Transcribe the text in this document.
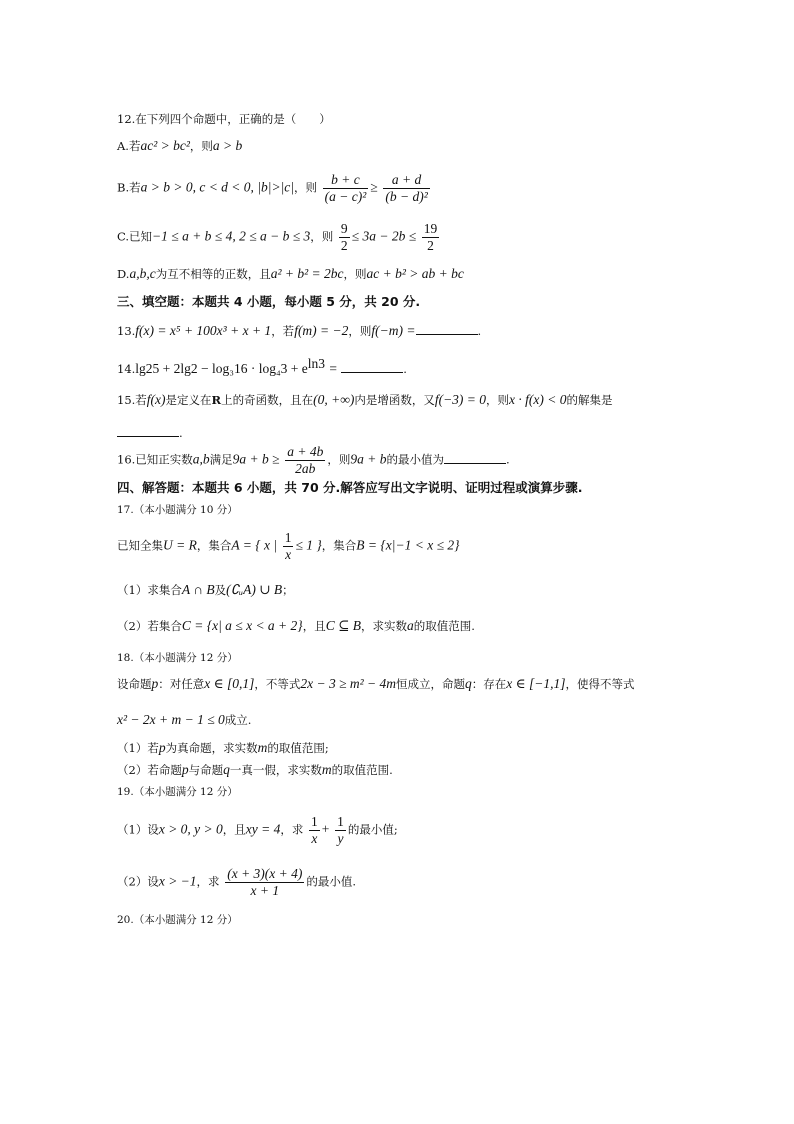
12.在下列四个命题中，正确的是（　　）
A.若ac² > bc²，则a > b
B.若a > b > 0, c < d < 0, |b|>|c|，则 $\frac{b + c}{\text{(a − c)²}} \ge \frac{a + d}{\text{(b − d)²}}$
C.已知−1 ≤ a + b ≤ 4, 2 ≤ a − b ≤ 3，则 $\frac{9}{2} \le 3a - 2b \le \frac{19}{2}$
D.a,b,c为互不相等的正数，且a² + b² = 2bc，则ac + b² > ab + bc
三、填空题：本题共 4 小题，每小题 5 分，共 20 分.
13.f(x) = x⁵ + 100x³ + x + 1，若f(m) = −2，则f(−m) =	.
$14.\lg 25 + 2\lg 2 - \log_316 \cdot \log_43 + e^{ln3}$ =	.
15.若f(x)是定义在R上的奇函数，且在(0, +∞)内是增函数，又f(−3) = 0，则x · f(x) < 0的解集是
.
16.已知正实数a,b满足$9a + b \ge \frac{a + 4b}{2ab}$ ，则9a + b的最小值为	.
四、解答题：本题共 6 小题，共 70 分.解答应写出文字说明、证明过程或演算步骤.
17.（本小题满分 10 分）
已知全集U = R，集合A = { x | $\frac{1}{x} \le 1$ }，集合B = {x|−1 < x ≤ 2}
（1）求集合A ∩ B及(∁ᵤA) ∪ B；
（2）若集合C = {x| a ≤ x < a + 2}，且C ⊆ B，求实数a的取值范围.
18.（本小题满分 12 分）
设命题p：对任意x ∈ [0,1]，不等式2x − 3 ≥ m² − 4m恒成立，命题q：存在x ∈ [−1,1]，使得不等式
x² − 2x + m − 1 ≤ 0成立.
（1）若p为真命题，求实数m的取值范围;
（2）若命题p与命题q一真一假，求实数m的取值范围.
19.（本小题满分 12 分）
（1）设x > 0, y > 0，且xy = 4，求 $\frac{1}{x} + \frac{1}{y}$ 的最小值;
（2）设x > −1，求 $\frac{(x + 3)(x + 4)}{x + 1}$ 的最小值.
20.（本小题满分 12 分）
